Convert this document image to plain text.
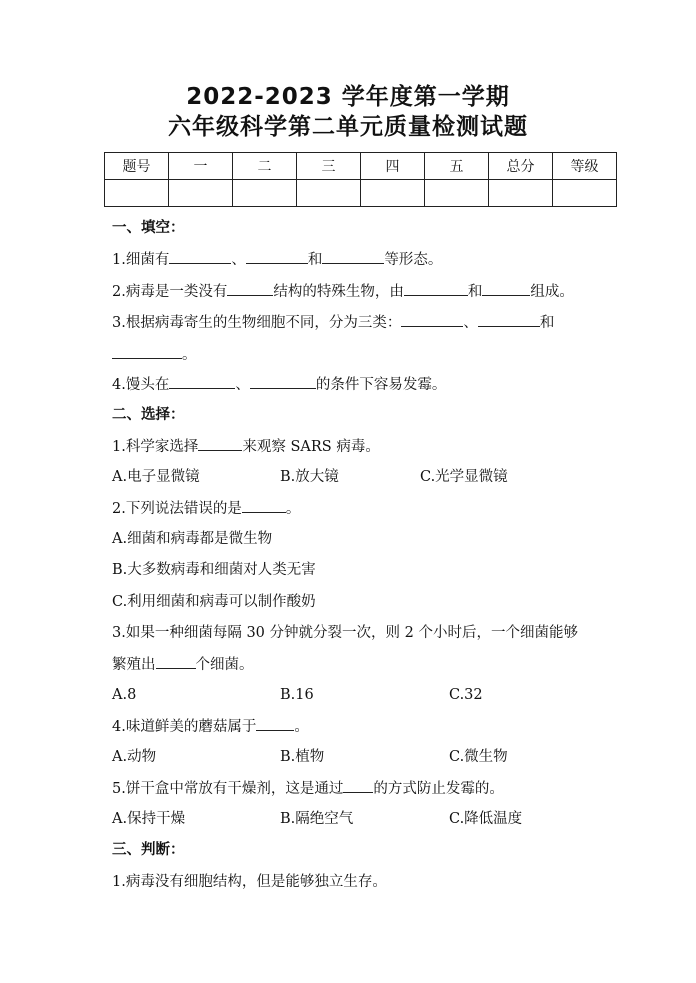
2022-2023 学年度第一学期
六年级科学第二单元质量检测试题
题号	一	二	三	四	五	总分	等级

一、填空：
1.细菌有	、	和	等形态。
2.病毒是一类没有	结构的特殊生物，由	和	组成。
3.根据病毒寄生的生物细胞不同，分为三类：	、	和
。
4.馒头在	、	的条件下容易发霉。
二、选择：
1.科学家选择	来观察 SARS 病毒。
A.电子显微镜	B.放大镜	C.光学显微镜
2.下列说法错误的是	。
A.细菌和病毒都是微生物
B.大多数病毒和细菌对人类无害
C.利用细菌和病毒可以制作酸奶
3.如果一种细菌每隔 30 分钟就分裂一次，则 2 个小时后，一个细菌能够
繁殖出	个细菌。
A.8	B.16	C.32
4.味道鲜美的蘑菇属于	。
A.动物	B.植物	C.微生物
5.饼干盒中常放有干燥剂，这是通过 的方式防止发霉的。
A.保持干燥	B.隔绝空气	C.降低温度
三、判断：
1.病毒没有细胞结构，但是能够独立生存。
